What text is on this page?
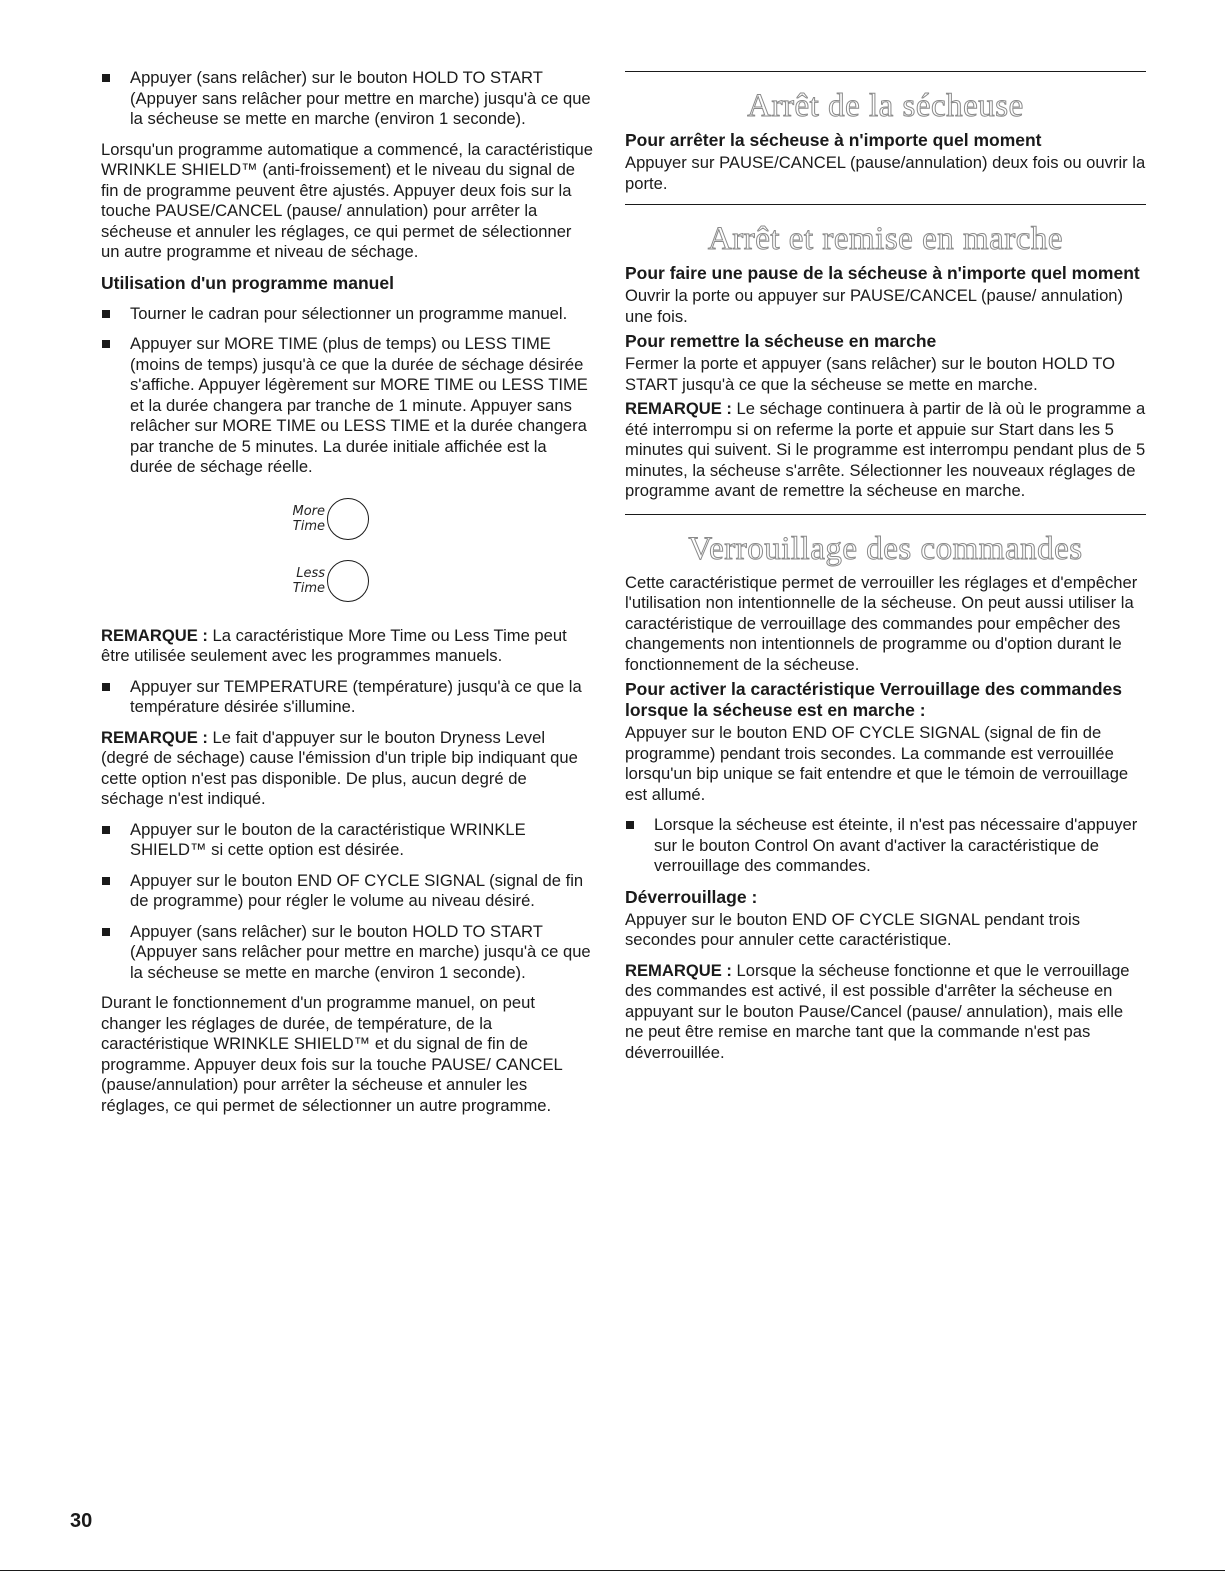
Appuyer (sans relâcher) sur le bouton HOLD TO START (Appuyer sans relâcher pour mettre en marche) jusqu'à ce que la sécheuse se mette en marche (environ 1 seconde).

Lorsqu'un programme automatique a commencé, la caractéristique WRINKLE SHIELD™ (anti-froissement) et le niveau du signal de fin de programme peuvent être ajustés. Appuyer deux fois sur la touche PAUSE/CANCEL (pause/ annulation) pour arrêter la sécheuse et annuler les réglages, ce qui permet de sélectionner un autre programme et niveau de séchage.

Utilisation d'un programme manuel

Tourner le cadran pour sélectionner un programme manuel.
Appuyer sur MORE TIME (plus de temps) ou LESS TIME (moins de temps) jusqu'à ce que la durée de séchage désirée s'affiche. Appuyer légèrement sur MORE TIME ou LESS TIME et la durée changera par tranche de 1 minute. Appuyer sans relâcher sur MORE TIME ou LESS TIME et la durée changera par tranche de 5 minutes. La durée initiale affichée est la durée de séchage réelle.
More
Time
Less
Time

REMARQUE : La caractéristique More Time ou Less Time peut être utilisée seulement avec les programmes manuels.

Appuyer sur TEMPERATURE (température) jusqu'à ce que la température désirée s'illumine.

REMARQUE : Le fait d'appuyer sur le bouton Dryness Level (degré de séchage) cause l'émission d'un triple bip indiquant que cette option n'est pas disponible. De plus, aucun degré de séchage n'est indiqué.

Appuyer sur le bouton de la caractéristique WRINKLE SHIELD™ si cette option est désirée.
Appuyer sur le bouton END OF CYCLE SIGNAL (signal de fin de programme) pour régler le volume au niveau désiré.
Appuyer (sans relâcher) sur le bouton HOLD TO START (Appuyer sans relâcher pour mettre en marche) jusqu'à ce que la sécheuse se mette en marche (environ 1 seconde).

Durant le fonctionnement d'un programme manuel, on peut changer les réglages de durée, de température, de la caractéristique WRINKLE SHIELD™ et du signal de fin de programme. Appuyer deux fois sur la touche PAUSE/ CANCEL (pause/annulation) pour arrêter la sécheuse et annuler les réglages, ce qui permet de sélectionner un autre programme.

Arrêt de la sécheuse

Pour arrêter la sécheuse à n'importe quel moment

Appuyer sur PAUSE/CANCEL (pause/annulation) deux fois ou ouvrir la porte.

Arrêt et remise en marche

Pour faire une pause de la sécheuse à n'importe quel moment

Ouvrir la porte ou appuyer sur PAUSE/CANCEL (pause/ annulation) une fois.

Pour remettre la sécheuse en marche

Fermer la porte et appuyer (sans relâcher) sur le bouton HOLD TO START jusqu'à ce que la sécheuse se mette en marche.

REMARQUE : Le séchage continuera à partir de là où le programme a été interrompu si on referme la porte et appuie sur Start dans les 5 minutes qui suivent. Si le programme est interrompu pendant plus de 5 minutes, la sécheuse s'arrête. Sélectionner les nouveaux réglages de programme avant de remettre la sécheuse en marche.

Verrouillage des commandes

Cette caractéristique permet de verrouiller les réglages et d'empêcher l'utilisation non intentionnelle de la sécheuse. On peut aussi utiliser la caractéristique de verrouillage des commandes pour empêcher des changements non intentionnels de programme ou d'option durant le fonctionnement de la sécheuse.

Pour activer la caractéristique Verrouillage des commandes lorsque la sécheuse est en marche :

Appuyer sur le bouton END OF CYCLE SIGNAL (signal de fin de programme) pendant trois secondes. La commande est verrouillée lorsqu'un bip unique se fait entendre et que le témoin de verrouillage est allumé.

Lorsque la sécheuse est éteinte, il n'est pas nécessaire d'appuyer sur le bouton Control On avant d'activer la caractéristique de verrouillage des commandes.

Déverrouillage :

Appuyer sur le bouton END OF CYCLE SIGNAL pendant trois secondes pour annuler cette caractéristique.

REMARQUE : Lorsque la sécheuse fonctionne et que le verrouillage des commandes est activé, il est possible d'arrêter la sécheuse en appuyant sur le bouton Pause/Cancel (pause/ annulation), mais elle ne peut être remise en marche tant que la commande n'est pas déverrouillée.

30
